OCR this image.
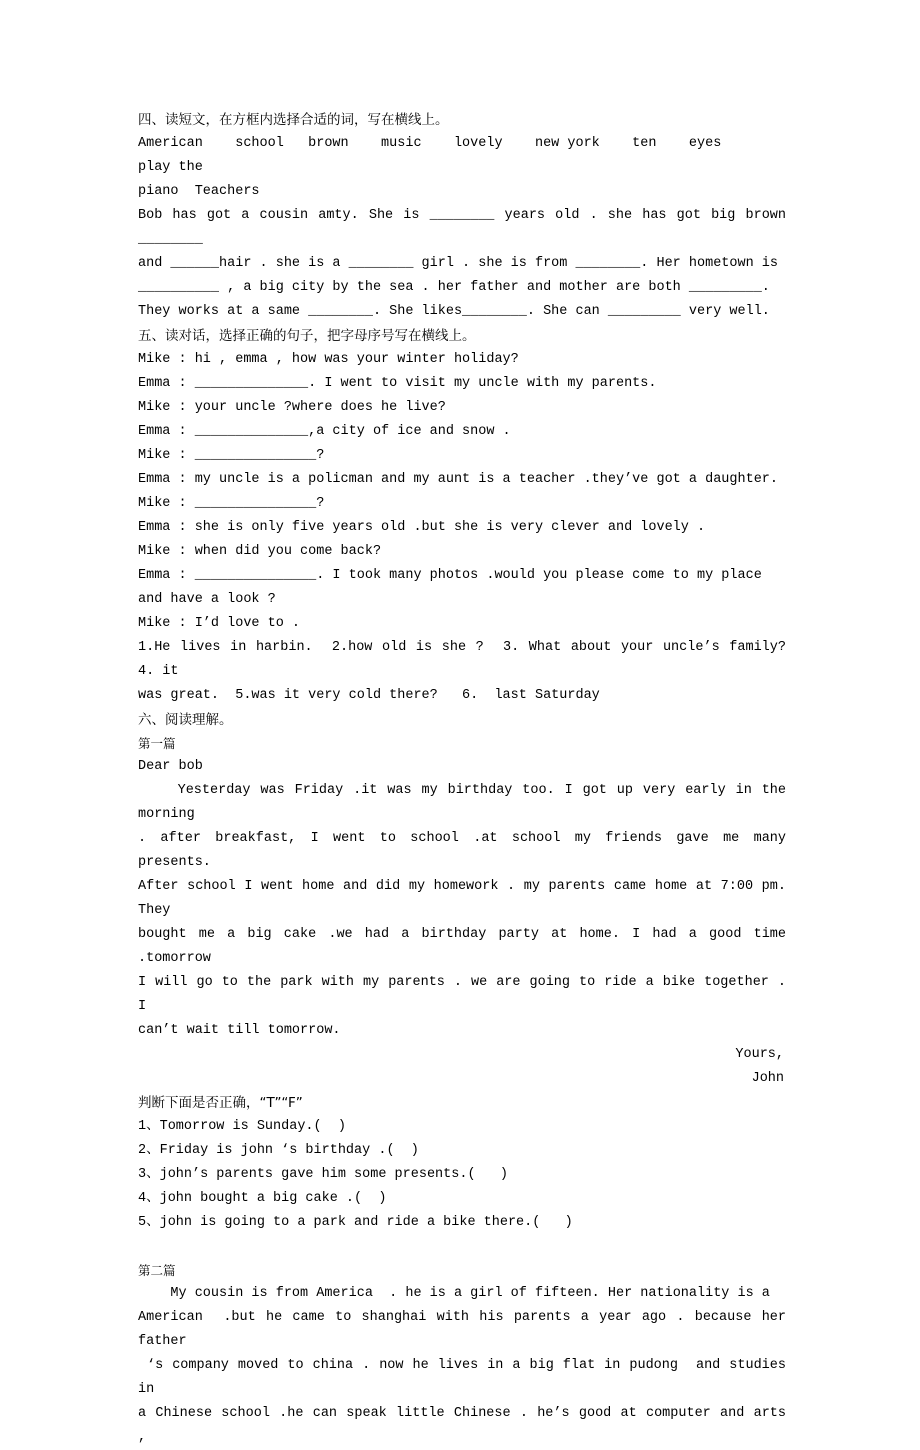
四、读短文，在方框内选择合适的词，写在横线上。
American    school   brown    music    lovely    new york    ten    eyes    play the
piano  Teachers
Bob has got a cousin amty. She is ________ years old . she has got big brown ________
and ______hair . she is a ________ girl . she is from ________. Her hometown is
__________ , a big city by the sea . her father and mother are both _________.
They works at a same ________. She likes________. She can _________ very well.
五、读对话，选择正确的句子，把字母序号写在横线上。
Mike : hi , emma , how was your winter holiday?
Emma : ______________. I went to visit my uncle with my parents.
Mike : your uncle ?where does he live?
Emma : ______________,a city of ice and snow .
Mike : _______________?
Emma : my uncle is a policman and my aunt is a teacher .they’ve got a daughter.
Mike : _______________?
Emma : she is only five years old .but she is very clever and lovely .
Mike : when did you come back?
Emma : _______________. I took many photos .would you please come to my place
and have a look ?
Mike : I’d love to .
1.He lives in harbin.  2.how old is she ?  3. What about your uncle’s family?  4. it
was great.  5.was it very cold there?   6.  last Saturday
六、阅读理解。
第一篇
Dear bob
Yesterday was Friday .it was my birthday too. I got up very early in the morning
. after breakfast, I went to school .at school my friends gave me many presents.
After school I went home and did my homework . my parents came home at 7:00 pm. They
bought me a big cake .we had a birthday party at home. I had a good time .tomorrow
I will go to the park with my parents . we are going to ride a bike together . I
can’t wait till tomorrow.
Yours,
John
判断下面是否正确，“T”“F”
1、Tomorrow is Sunday.(  )
2、Friday is john ‘s birthday .(  )
3、john’s parents gave him some presents.(   )
4、john bought a big cake .(  )
5、john is going to a park and ride a bike there.(   )
第二篇
My cousin is from America  . he is a girl of fifteen. Her nationality is a
American  .but he came to shanghai with his parents a year ago . because her father
‘s company moved to china . now he lives in a big flat in pudong  and studies in
a Chinese school .he can speak little Chinese . he’s good at computer and arts ,
